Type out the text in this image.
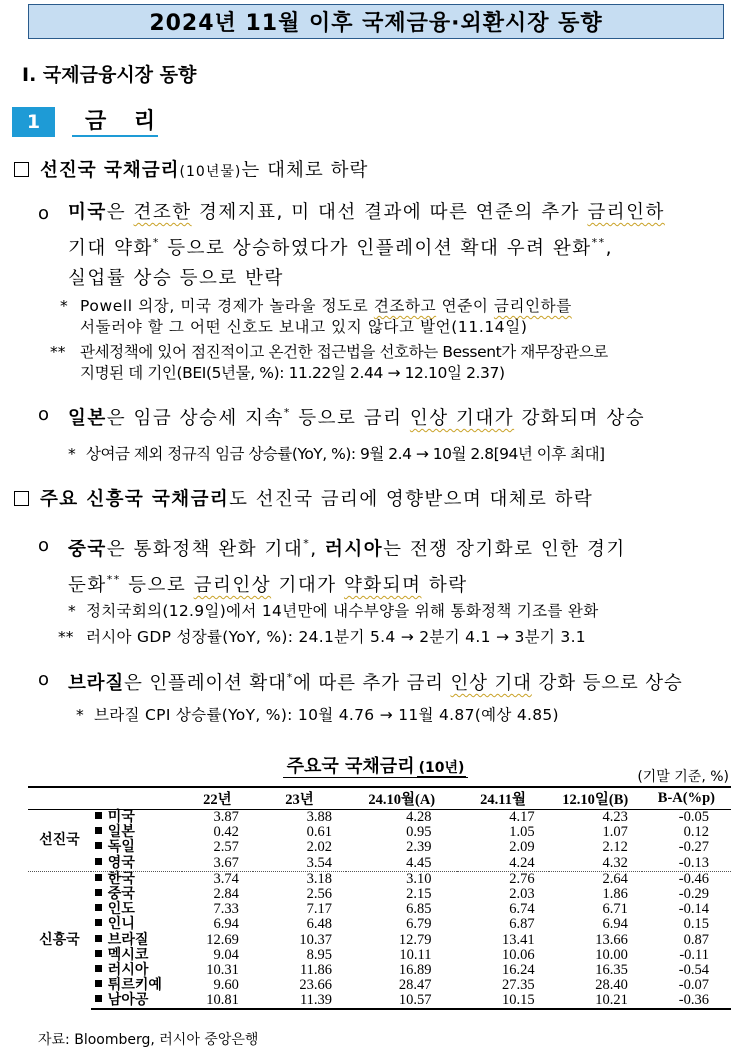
2024년 11월 이후 국제금융·외환시장 동향
Ⅰ. 국제금융시장 동향
1	금 리
선진국 국채금리(10년물)는 대체로 하락
o 미국은 견조한 경제지표, 미 대선 결과에 따른 연준의 추가 금리인하
기대 약화* 등으로 상승하였다가 인플레이션 확대 우려 완화**,
실업률 상승 등으로 반락
* Powell 의장, 미국 경제가 놀라울 정도로 견조하고 연준이 금리인하를
서둘러야 할 그 어떤 신호도 보내고 있지 않다고 발언(11.14일)
** 관세정책에 있어 점진적이고 온건한 접근법을 선호하는 Bessent가 재무장관으로
지명된 데 기인(BEI(5년물, %): 11.22일 2.44 → 12.10일 2.37)
o 일본은 임금 상승세 지속* 등으로 금리 인상 기대가 강화되며 상승
* 상여금 제외 정규직 임금 상승률(YoY, %): 9월 2.4 → 10월 2.8[94년 이후 최대]
주요 신흥국 국채금리도 선진국 금리에 영향받으며 대체로 하락
o 중국은 통화정책 완화 기대*, 러시아는 전쟁 장기화로 인한 경기
둔화** 등으로 금리인상 기대가 약화되며 하락
* 정치국회의(12.9일)에서 14년만에 내수부양을 위해 통화정책 기조를 완화
** 러시아 GDP 성장률(YoY, %): 24.1분기 5.4 → 2분기 4.1 → 3분기 3.1
o 브라질은 인플레이션 확대*에 따른 추가 금리 인상 기대 강화 등으로 상승
* 브라질 CPI 상승률(YoY, %): 10월 4.76 → 11월 4.87(예상 4.85)
주요국 국채금리 (10년)
(기말 기준, %)
		22년	23년	24.10월(A)	24.11월	12.10일(B)	B-A(%p)
선진국	미국	3.87	3.88	4.28	4.17	4.23	-0.05
	일본	0.42	0.61	0.95	1.05	1.07	0.12
	독일	2.57	2.02	2.39	2.09	2.12	-0.27
	영국	3.67	3.54	4.45	4.24	4.32	-0.13
신흥국	한국	3.74	3.18	3.10	2.76	2.64	-0.46
	중국	2.84	2.56	2.15	2.03	1.86	-0.29
	인도	7.33	7.17	6.85	6.74	6.71	-0.14
	인니	6.94	6.48	6.79	6.87	6.94	0.15
	브라질	12.69	10.37	12.79	13.41	13.66	0.87
	멕시코	9.04	8.95	10.11	10.06	10.00	-0.11
	러시아	10.31	11.86	16.89	16.24	16.35	-0.54
	튀르키예	9.60	23.66	28.47	27.35	28.40	-0.07
	남아공	10.81	11.39	10.57	10.15	10.21	-0.36
자료: Bloomberg, 러시아 중앙은행
